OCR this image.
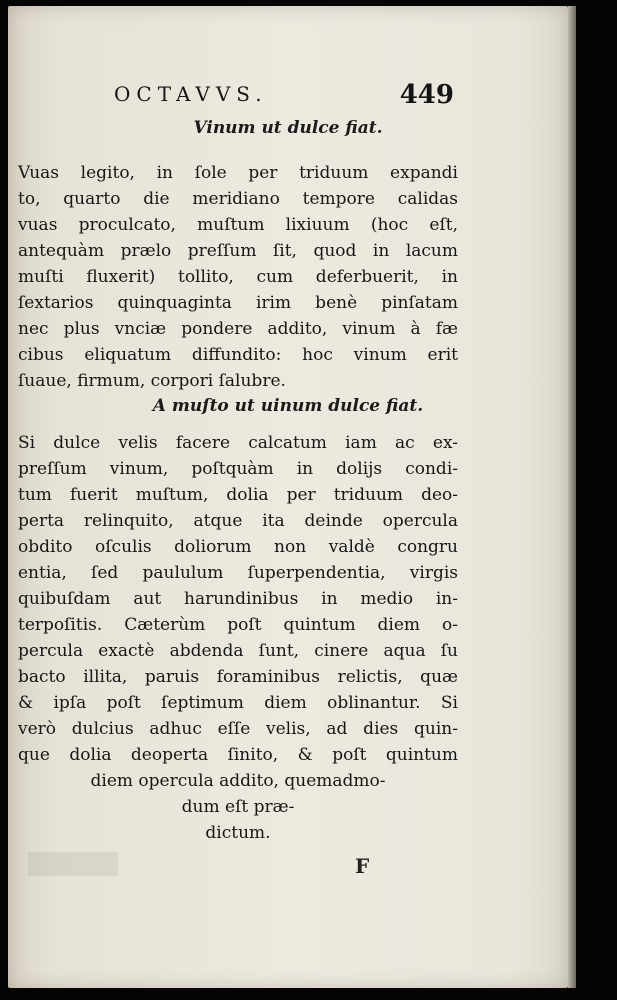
OCTAVVS.	449
Vinum ut dulce fiat.
Vuas legito, in ſole per triduum expandi
to, quarto die meridiano tempore calidas
vuas proculcato, muſtum lixiuum (hoc eſt,
antequàm prælo preſſum ſit, quod in lacum
muſti fluxerit) tollito, cum deferbuerit, in
ſextarios quinquaginta irim benè pinſatam
nec plus vnciæ pondere addito, vinum à fæ
cibus eliquatum diffundito: hoc vinum erit
ſuaue, firmum, corpori ſalubre.
A muſto ut uinum dulce fiat.
Si dulce velis facere calcatum iam ac ex-
preſſum vinum, poſtquàm in dolijs condi-
tum fuerit muſtum, dolia per triduum deo-
perta relinquito, atque ita deinde opercula
obdito oſculis doliorum non valdè congru
entia, ſed paululum ſuperpendentia, virgis
quibuſdam aut harundinibus in medio in-
terpoſitis. Cæterùm poſt quintum diem o-
percula exactè abdenda ſunt, cinere aqua ſu
bacto illita, paruis foraminibus relictis, quæ
& ipſa poſt ſeptimum diem oblinantur. Si
verò dulcius adhuc eſſe velis, ad dies quin-
que dolia deoperta ſinito, & poſt quintum
diem opercula addito, quemadmo-
dum eſt præ-
dictum.
F
